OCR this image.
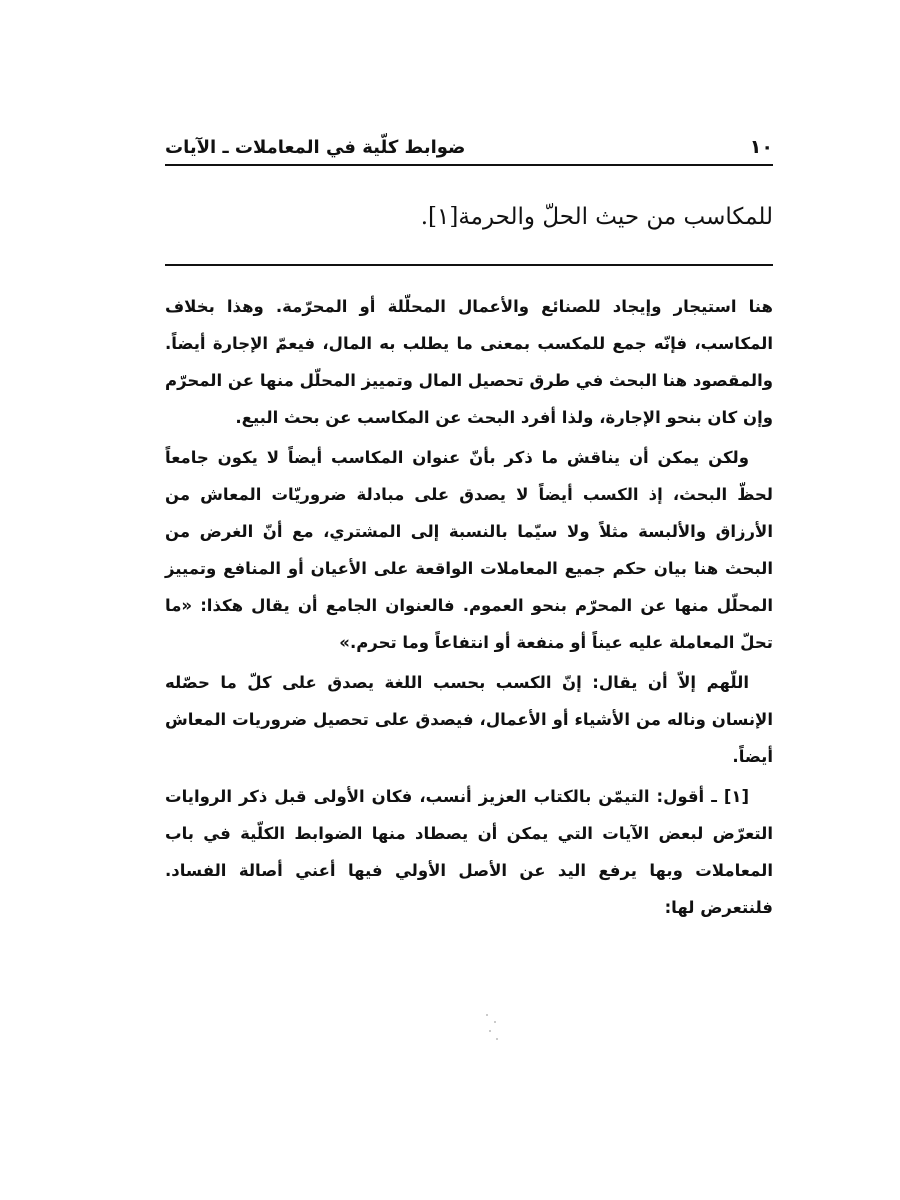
١٠
ضوابط كلّية في المعاملات ـ الآيات

للمكاسب من حيث الحلّ والحرمة[١].

هنا استيجار وإيجاد للصنائع والأعمال المحلّلة أو المحرّمة. وهذا بخلاف المكاسب، فإنّه جمع للمكسب بمعنى ما يطلب به المال، فيعمّ الإجارة أيضاً. والمقصود هنا البحث في طرق تحصيل المال وتمييز المحلّل منها عن المحرّم وإن كان بنحو الإجارة، ولذا أفرد البحث عن المكاسب عن بحث البيع.

ولكن يمكن أن يناقش ما ذكر بأنّ عنوان المكاسب أيضاً لا يكون جامعاً لحظّ البحث، إذ الكسب أيضاً لا يصدق على مبادلة ضروريّات المعاش من الأرزاق والألبسة مثلاً ولا سيّما بالنسبة إلى المشتري، مع أنّ الغرض من البحث هنا بيان حكم جميع المعاملات الواقعة على الأعيان أو المنافع وتمييز المحلّل منها عن المحرّم بنحو العموم. فالعنوان الجامع أن يقال هكذا: «ما تحلّ المعاملة عليه عيناً أو منفعة أو انتفاعاً وما تحرم.»

اللّهم إلاّ أن يقال: إنّ الكسب بحسب اللغة يصدق على كلّ ما حصّله الإنسان وناله من الأشياء أو الأعمال، فيصدق على تحصيل ضروريات المعاش أيضاً.

[١] ـ أقول: التيمّن بالكتاب العزيز أنسب، فكان الأولى قبل ذكر الروايات التعرّض لبعض الآيات التي يمكن أن يصطاد منها الضوابط الكلّية في باب المعاملات وبها يرفع اليد عن الأصل الأولي فيها أعني أصالة الفساد. فلنتعرض لها:
